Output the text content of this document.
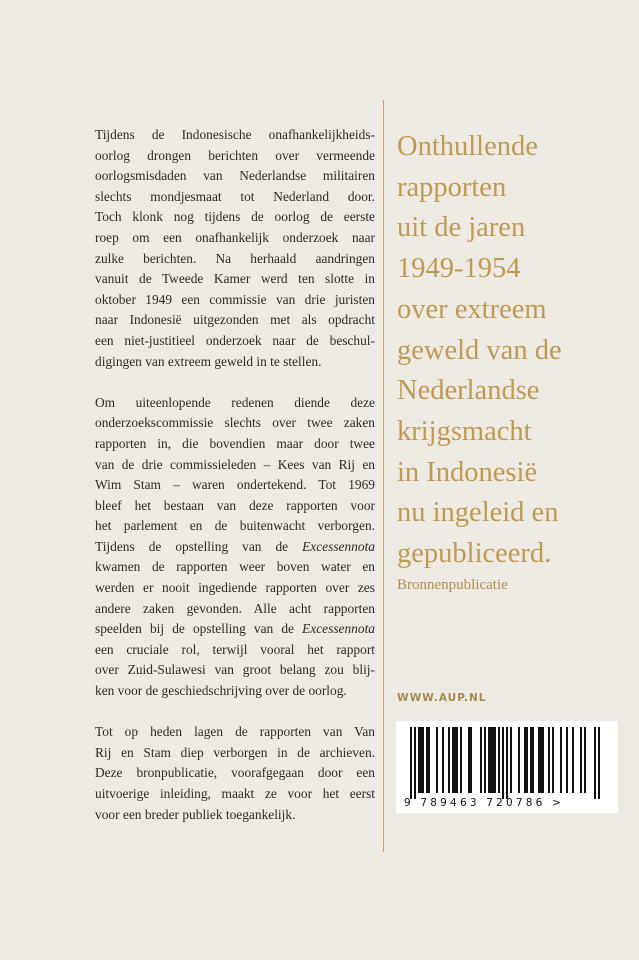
Tijdens de Indonesische onafhankelijkheids-
oorlog drongen berichten over vermeende
oorlogsmisdaden van Nederlandse militairen
slechts mondjesmaat tot Nederland door.
Toch klonk nog tijdens de oorlog de eerste
roep om een onafhankelijk onderzoek naar
zulke berichten. Na herhaald aandringen
vanuit de Tweede Kamer werd ten slotte in
oktober 1949 een commissie van drie juristen
naar Indonesië uitgezonden met als opdracht
een niet-justitieel onderzoek naar de beschul-
digingen van extreem geweld in te stellen.

Om uiteenlopende redenen diende deze
onderzoekscommissie slechts over twee zaken
rapporten in, die bovendien maar door twee
van de drie commissieleden – Kees van Rij en
Wim Stam – waren ondertekend. Tot 1969
bleef het bestaan van deze rapporten voor
het parlement en de buitenwacht verborgen.
Tijdens de opstelling van de Excessennota
kwamen de rapporten weer boven water en
werden er nooit ingediende rapporten over zes
andere zaken gevonden. Alle acht rapporten
speelden bij de opstelling van de Excessennota
een cruciale rol, terwijl vooral het rapport
over Zuid-Sulawesi van groot belang zou blij-
ken voor de geschiedschrijving over de oorlog.

Tot op heden lagen de rapporten van Van
Rij en Stam diep verborgen in de archieven.
Deze bronpublicatie, voorafgegaan door een
uitvoerige inleiding, maakt ze voor het eerst
voor een breder publiek toegankelijk.

Onthullende
rapporten
uit de jaren
1949-1954
over extreem
geweld van de
Nederlandse
krijgsmacht
in Indonesië
nu ingeleid en
gepubliceerd.
Bronnenpublicatie
WWW.AUP.NL
9 789463 720786 >
